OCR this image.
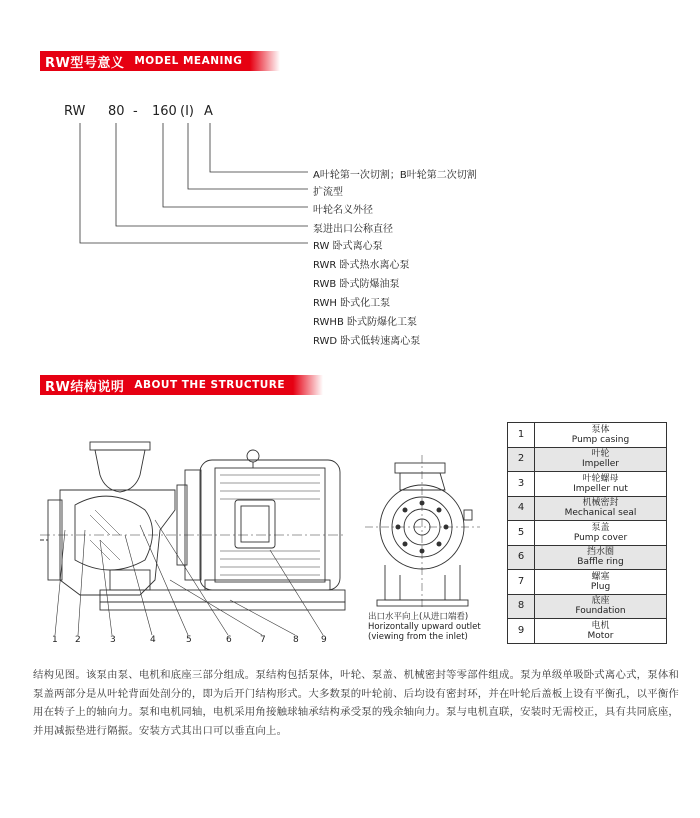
RW型号意义 MODEL MEANING
RW 80 - 160 (I) A
A叶轮第一次切割；B叶轮第二次切割
扩流型
叶轮名义外径
泵进出口公称直径
RW 卧式离心泵
RWR 卧式热水离心泵
RWB 卧式防爆油泵
RWH 卧式化工泵
RWHB 卧式防爆化工泵
RWD 卧式低转速离心泵
RW结构说明 ABOUT THE STRUCTURE
1 2	3	4	5	6	7	8 9
出口水平向上(从进口端看)
Horizontally upward outlet
(viewing from the inlet)
1	泵体
Pump casing

2	叶轮
Impeller

3	叶轮螺母
Impeller nut

4	机械密封
Mechanical seal

5	泵盖
Pump cover

6	挡水圈
Baffle ring

7	螺塞
Plug

8	底座
Foundation

9	电机
Motor
结构见图。该泵由泵、电机和底座三部分组成。泵结构包括泵体，叶轮、泵盖、机械密封等零部件组成。泵为单级单吸卧式离心式，泵体和泵盖两部分是从叶轮背面处剖分的，即为后开门结构形式。大多数泵的叶轮前、后均设有密封环，并在叶轮后盖板上设有平衡孔，以平衡作用在转子上的轴向力。泵和电机同轴，电机采用角接触球轴承结构承受泵的残余轴向力。泵与电机直联，安装时无需校正，具有共同底座，并用减振垫进行隔振。安装方式其出口可以垂直向上。
